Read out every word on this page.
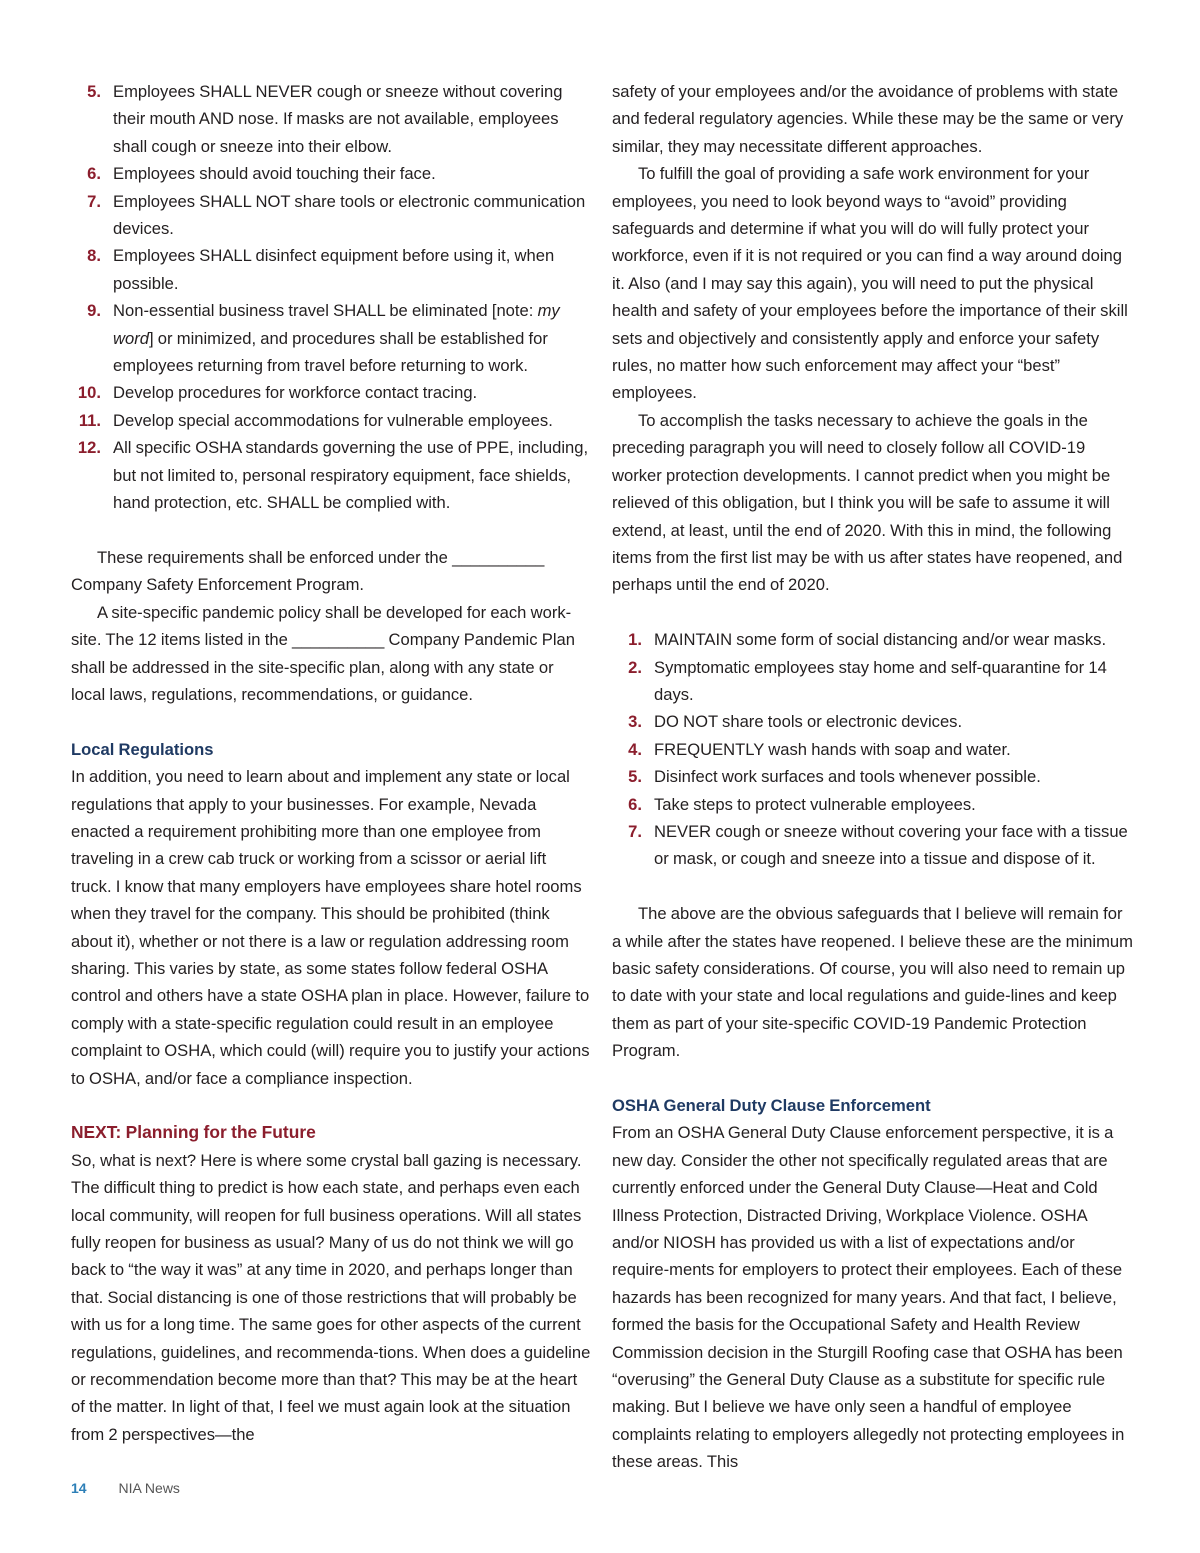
5. Employees SHALL NEVER cough or sneeze without covering their mouth AND nose. If masks are not available, employees shall cough or sneeze into their elbow.
6. Employees should avoid touching their face.
7. Employees SHALL NOT share tools or electronic communication devices.
8. Employees SHALL disinfect equipment before using it, when possible.
9. Non-essential business travel SHALL be eliminated [note: my word] or minimized, and procedures shall be established for employees returning from travel before returning to work.
10. Develop procedures for workforce contact tracing.
11. Develop special accommodations for vulnerable employees.
12. All specific OSHA standards governing the use of PPE, including, but not limited to, personal respiratory equipment, face shields, hand protection, etc. SHALL be complied with.

These requirements shall be enforced under the __________ Company Safety Enforcement Program.

A site-specific pandemic policy shall be developed for each work-site. The 12 items listed in the __________ Company Pandemic Plan shall be addressed in the site-specific plan, along with any state or local laws, regulations, recommendations, or guidance.

Local Regulations

In addition, you need to learn about and implement any state or local regulations that apply to your businesses. For example, Nevada enacted a requirement prohibiting more than one employee from traveling in a crew cab truck or working from a scissor or aerial lift truck. I know that many employers have employees share hotel rooms when they travel for the company. This should be prohibited (think about it), whether or not there is a law or regulation addressing room sharing. This varies by state, as some states follow federal OSHA control and others have a state OSHA plan in place. However, failure to comply with a state-specific regulation could result in an employee complaint to OSHA, which could (will) require you to justify your actions to OSHA, and/or face a compliance inspection.

NEXT: Planning for the Future

So, what is next? Here is where some crystal ball gazing is necessary. The difficult thing to predict is how each state, and perhaps even each local community, will reopen for full business operations. Will all states fully reopen for business as usual? Many of us do not think we will go back to “the way it was” at any time in 2020, and perhaps longer than that. Social distancing is one of those restrictions that will probably be with us for a long time. The same goes for other aspects of the current regulations, guidelines, and recommenda-tions. When does a guideline or recommendation become more than that? This may be at the heart of the matter. In light of that, I feel we must again look at the situation from 2 perspectives—the

safety of your employees and/or the avoidance of problems with state and federal regulatory agencies. While these may be the same or very similar, they may necessitate different approaches.

To fulfill the goal of providing a safe work environment for your employees, you need to look beyond ways to “avoid” providing safeguards and determine if what you will do will fully protect your workforce, even if it is not required or you can find a way around doing it. Also (and I may say this again), you will need to put the physical health and safety of your employees before the importance of their skill sets and objectively and consistently apply and enforce your safety rules, no matter how such enforcement may affect your “best” employees.

To accomplish the tasks necessary to achieve the goals in the preceding paragraph you will need to closely follow all COVID-19 worker protection developments. I cannot predict when you might be relieved of this obligation, but I think you will be safe to assume it will extend, at least, until the end of 2020. With this in mind, the following items from the first list may be with us after states have reopened, and perhaps until the end of 2020.

1. MAINTAIN some form of social distancing and/or wear masks.
2. Symptomatic employees stay home and self-quarantine for 14 days.
3. DO NOT share tools or electronic devices.
4. FREQUENTLY wash hands with soap and water.
5. Disinfect work surfaces and tools whenever possible.
6. Take steps to protect vulnerable employees.
7. NEVER cough or sneeze without covering your face with a tissue or mask, or cough and sneeze into a tissue and dispose of it.

The above are the obvious safeguards that I believe will remain for a while after the states have reopened. I believe these are the minimum basic safety considerations. Of course, you will also need to remain up to date with your state and local regulations and guide-lines and keep them as part of your site-specific COVID-19 Pandemic Protection Program.

OSHA General Duty Clause Enforcement

From an OSHA General Duty Clause enforcement perspective, it is a new day. Consider the other not specifically regulated areas that are currently enforced under the General Duty Clause—Heat and Cold Illness Protection, Distracted Driving, Workplace Violence. OSHA and/or NIOSH has provided us with a list of expectations and/or require-ments for employers to protect their employees. Each of these hazards has been recognized for many years. And that fact, I believe, formed the basis for the Occupational Safety and Health Review Commission decision in the Sturgill Roofing case that OSHA has been “overusing” the General Duty Clause as a substitute for specific rule making. But I believe we have only seen a handful of employee complaints relating to employers allegedly not protecting employees in these areas. This

14 NIA News
